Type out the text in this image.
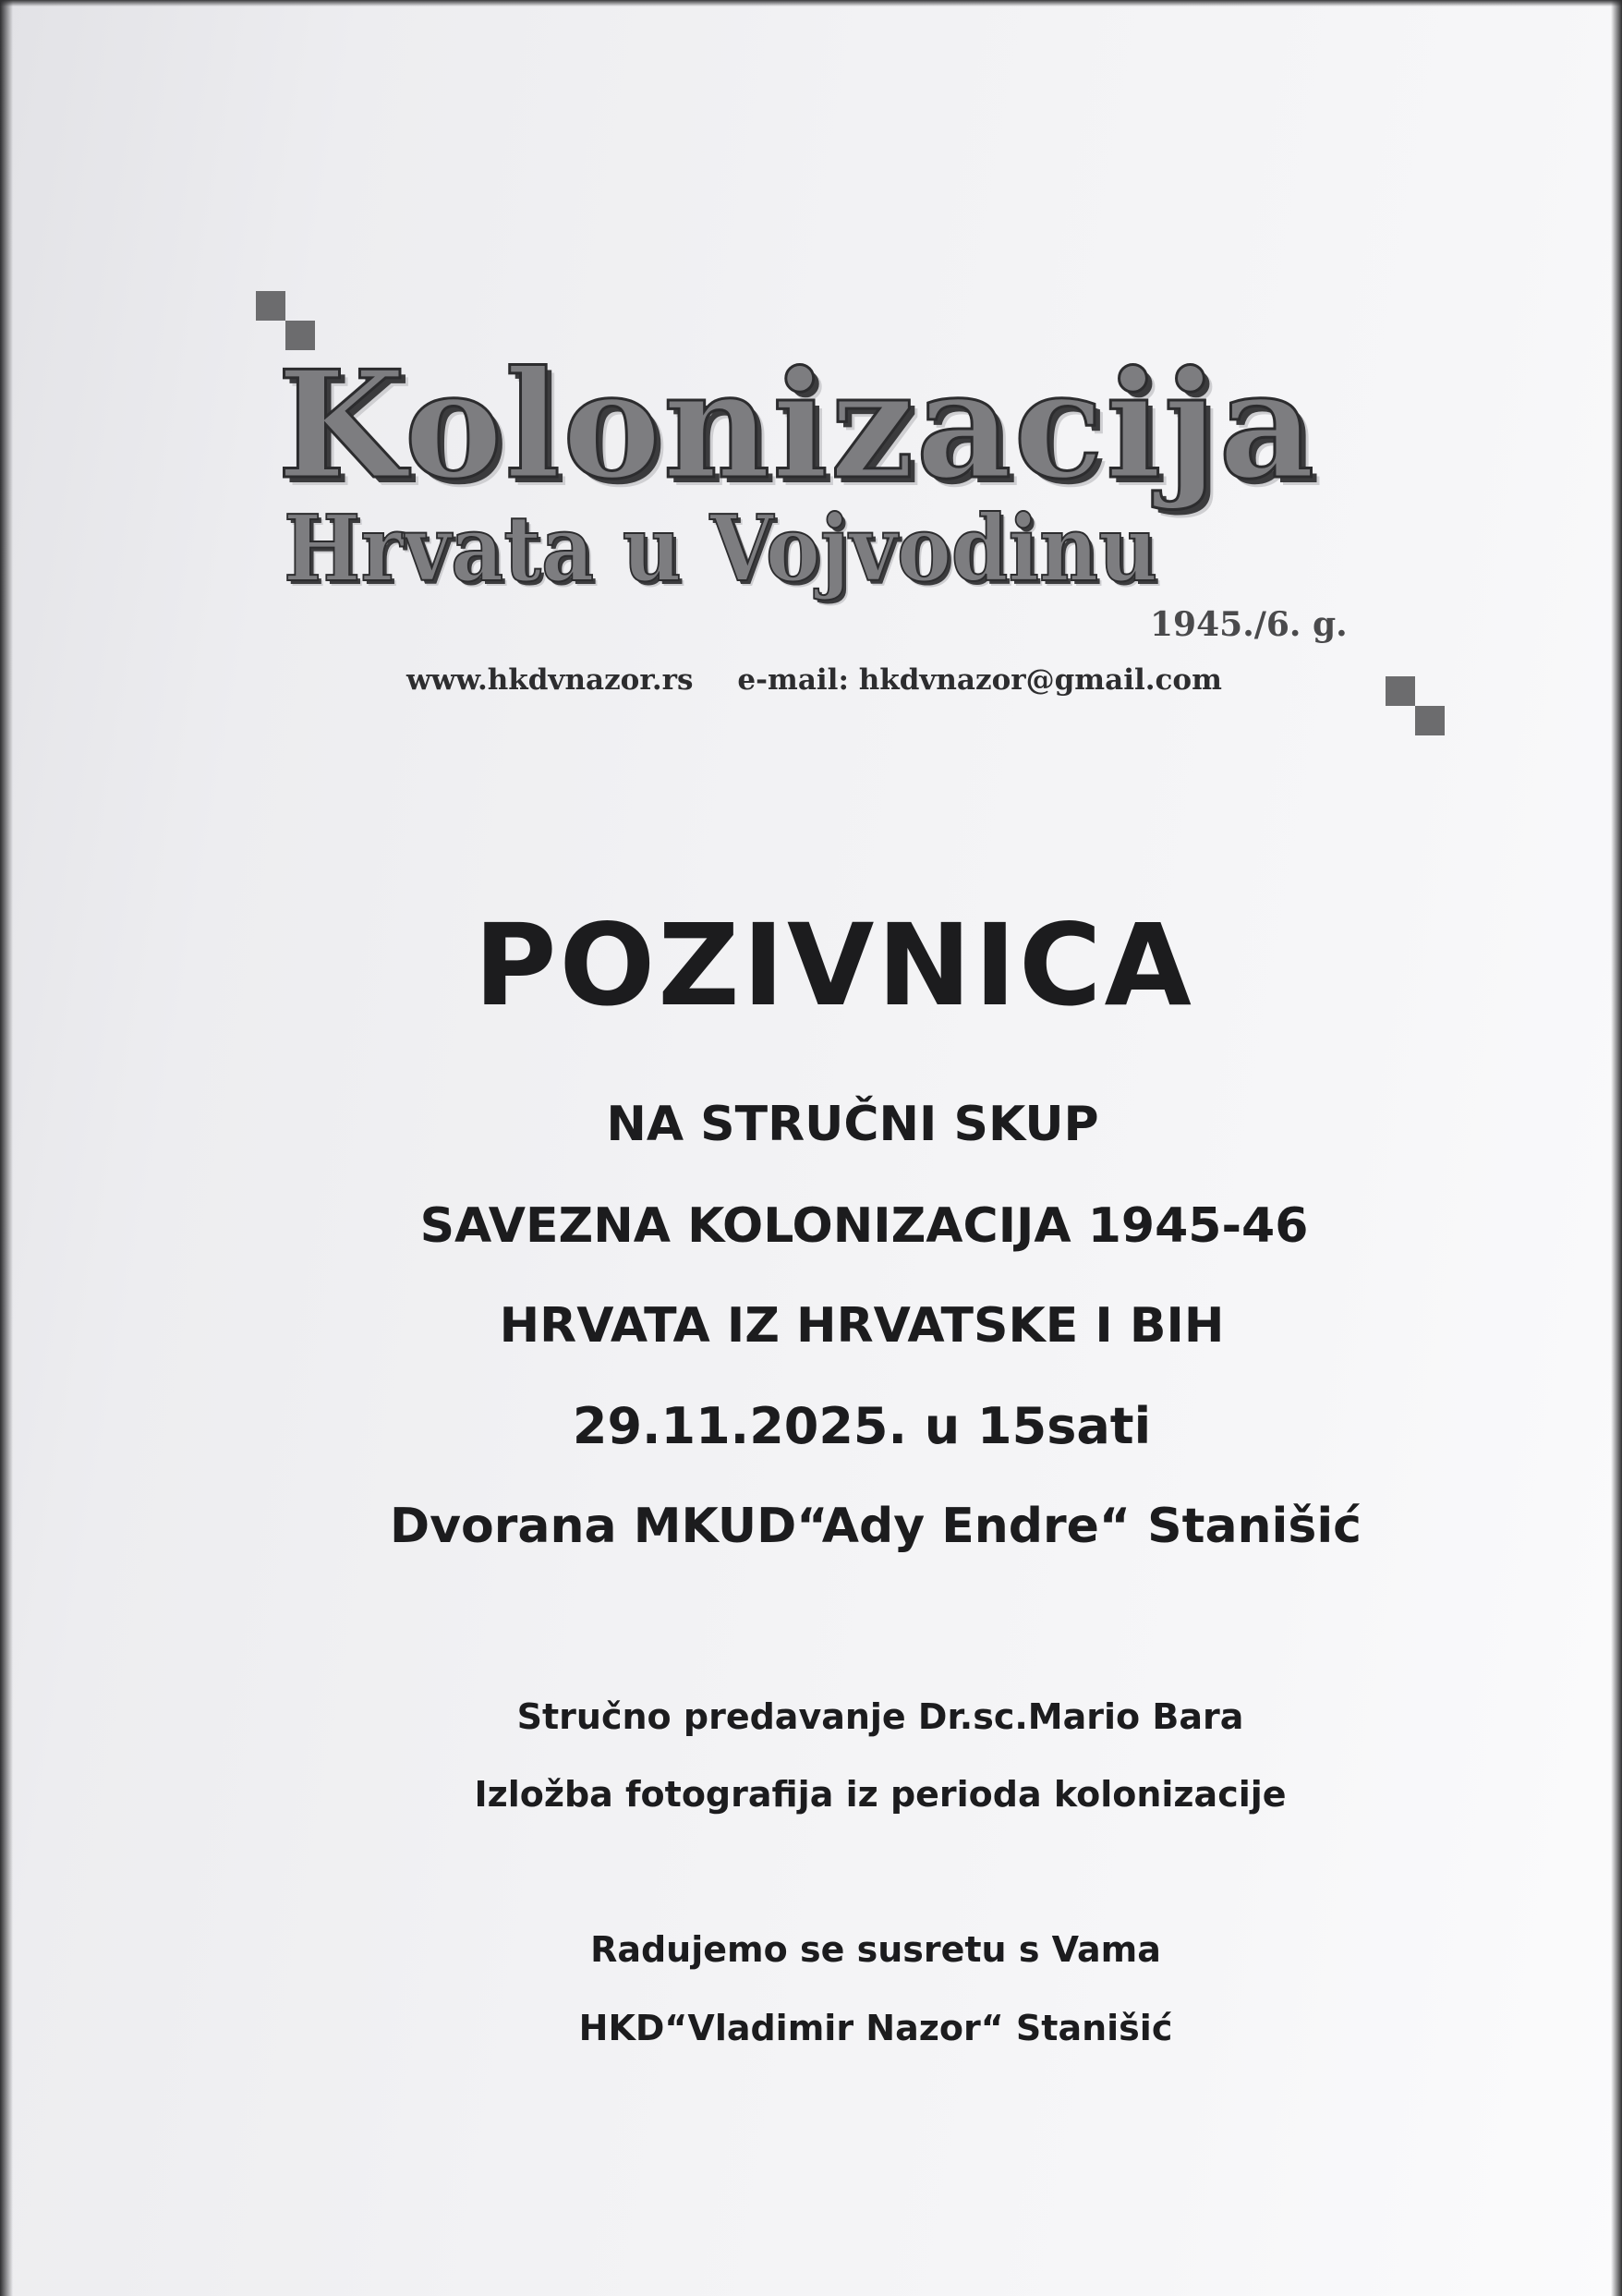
Kolonizacija
Hrvata u Vojvodinu
1945./6. g.
www.hkdvnazor.rs e-mail: hkdvnazor@gmail.com
POZIVNICA
NA STRUČNI SKUP
SAVEZNA KOLONIZACIJA 1945-46
HRVATA IZ HRVATSKE I BIH
29.11.2025. u 15sati
Dvorana MKUD“Ady Endre“ Stanišić
Stručno predavanje Dr.sc.Mario Bara
Izložba fotografija iz perioda kolonizacije
Radujemo se susretu s Vama
HKD“Vladimir Nazor“ Stanišić
